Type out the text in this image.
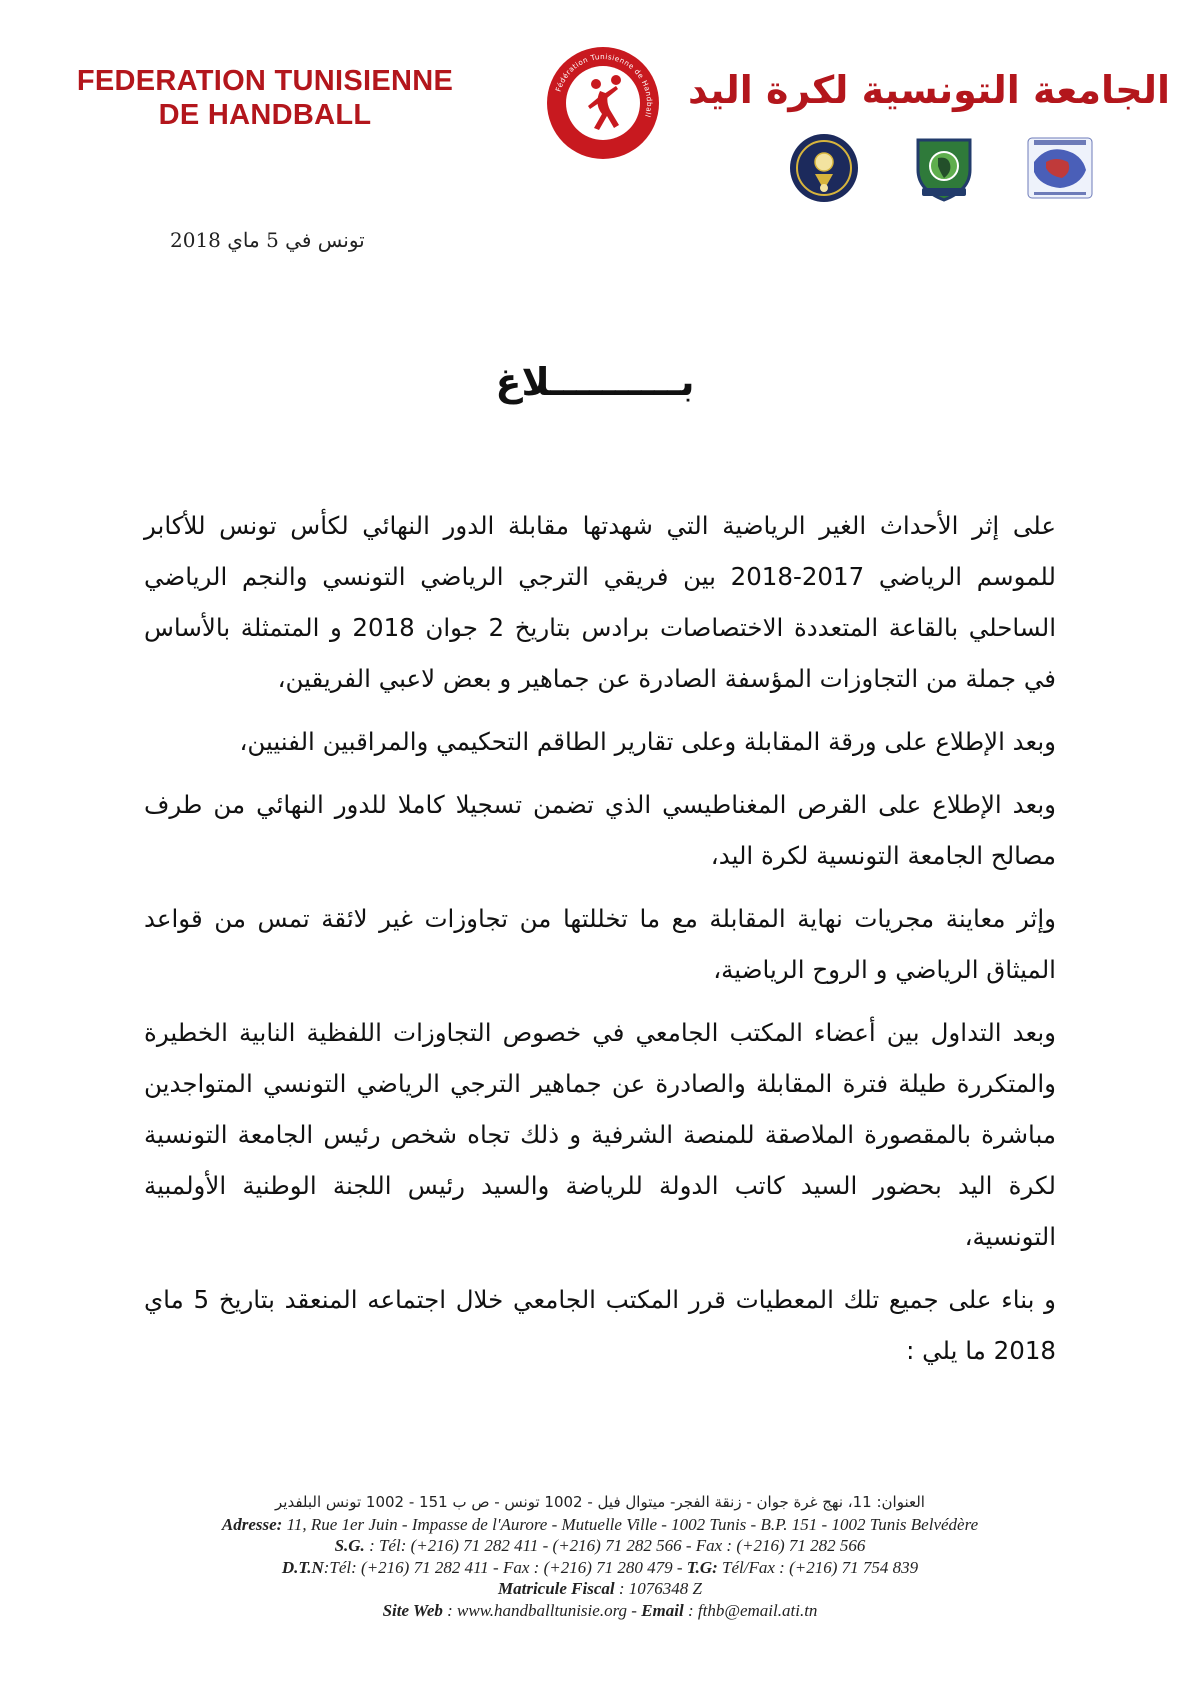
FEDERATION TUNISIENNE
DE HANDBALL
Fédération Tunisienne de Handball
الجامعة التونسية لكرة اليد
تونس في 5 ماي 2018
بــــــــــلاغ

على إثر الأحداث الغير الرياضية التي شهدتها مقابلة الدور النهائي لكأس تونس للأكابر للموسم الرياضي 2017-2018 بين فريقي الترجي الرياضي التونسي والنجم الرياضي الساحلي بالقاعة المتعددة الاختصاصات برادس بتاريخ 2 جوان 2018 و المتمثلة بالأساس في جملة من التجاوزات المؤسفة الصادرة عن جماهير و بعض لاعبي الفريقين،

وبعد الإطلاع على ورقة المقابلة وعلى تقارير الطاقم التحكيمي والمراقبين الفنيين،

وبعد الإطلاع على القرص المغناطيسي الذي تضمن تسجيلا كاملا للدور النهائي من طرف مصالح الجامعة التونسية لكرة اليد،

وإثر معاينة مجريات نهاية المقابلة مع ما تخللتها من تجاوزات غير لائقة تمس من قواعد الميثاق الرياضي و الروح الرياضية،

وبعد التداول بين أعضاء المكتب الجامعي في خصوص التجاوزات اللفظية النابية الخطيرة والمتكررة طيلة فترة المقابلة والصادرة عن جماهير الترجي الرياضي التونسي المتواجدين مباشرة بالمقصورة الملاصقة للمنصة الشرفية و ذلك تجاه شخص رئيس الجامعة التونسية لكرة اليد بحضور السيد كاتب الدولة للرياضة والسيد رئيس اللجنة الوطنية الأولمبية التونسية،

و بناء على جميع تلك المعطيات قرر المكتب الجامعي خلال اجتماعه المنعقد بتاريخ 5 ماي 2018 ما يلي :

العنوان: 11، نهج غرة جوان - زنقة الفجر- ميتوال فيل - 1002 تونس - ص ب 151 - 1002 تونس البلفدير
Adresse: 11, Rue 1er Juin - Impasse de l'Aurore - Mutuelle Ville - 1002 Tunis - B.P. 151 - 1002 Tunis Belvédère
S.G. : Tél: (+216) 71 282 411 - (+216) 71 282 566 - Fax : (+216) 71 282 566
D.T.N:Tél: (+216) 71 282 411 - Fax : (+216) 71 280 479 - T.G: Tél/Fax : (+216) 71 754 839
Matricule Fiscal : 1076348 Z
Site Web : www.handballtunisie.org - Email : fthb@email.ati.tn
